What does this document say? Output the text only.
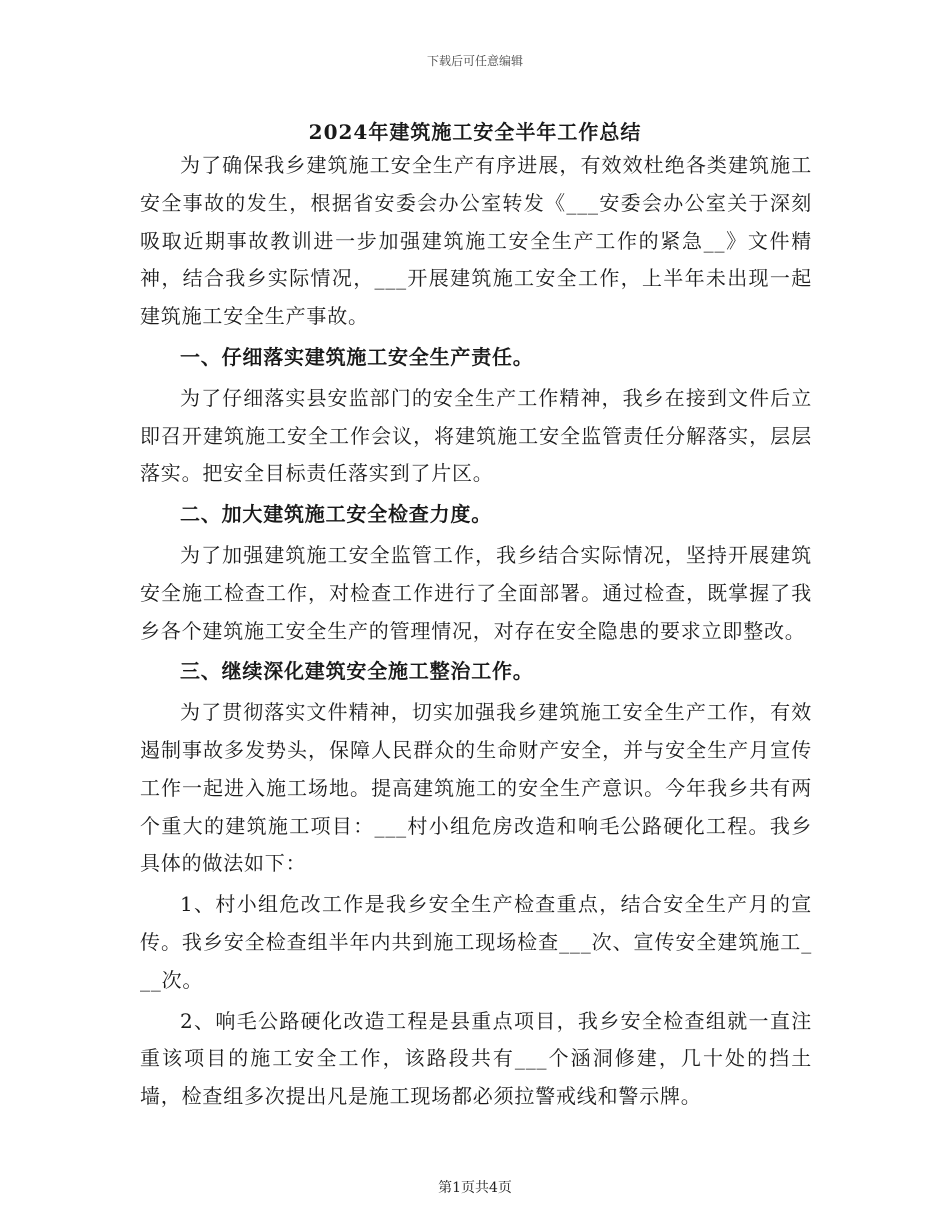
下载后可任意编辑
2024年建筑施工安全半年工作总结

为了确保我乡建筑施工安全生产有序进展，有效效杜绝各类建筑施工安全事故的发生，根据省安委会办公室转发《___安委会办公室关于深刻吸取近期事故教训进一步加强建筑施工安全生产工作的紧急__》文件精神，结合我乡实际情况，___开展建筑施工安全工作，上半年未出现一起建筑施工安全生产事故。

一、仔细落实建筑施工安全生产责任。

为了仔细落实县安监部门的安全生产工作精神，我乡在接到文件后立即召开建筑施工安全工作会议，将建筑施工安全监管责任分解落实，层层落实。把安全目标责任落实到了片区。

二、加大建筑施工安全检查力度。

为了加强建筑施工安全监管工作，我乡结合实际情况，坚持开展建筑安全施工检查工作，对检查工作进行了全面部署。通过检查，既掌握了我乡各个建筑施工安全生产的管理情况，对存在安全隐患的要求立即整改。

三、继续深化建筑安全施工整治工作。

为了贯彻落实文件精神，切实加强我乡建筑施工安全生产工作，有效遏制事故多发势头，保障人民群众的生命财产安全，并与安全生产月宣传工作一起进入施工场地。提高建筑施工的安全生产意识。今年我乡共有两个重大的建筑施工项目：___村小组危房改造和响毛公路硬化工程。我乡具体的做法如下：

1、村小组危改工作是我乡安全生产检查重点，结合安全生产月的宣传。我乡安全检查组半年内共到施工现场检查___次、宣传安全建筑施工___次。

2、响毛公路硬化改造工程是县重点项目，我乡安全检查组就一直注重该项目的施工安全工作，该路段共有___个涵洞修建，几十处的挡土墙，检查组多次提出凡是施工现场都必须拉警戒线和警示牌。

第1页共4页
